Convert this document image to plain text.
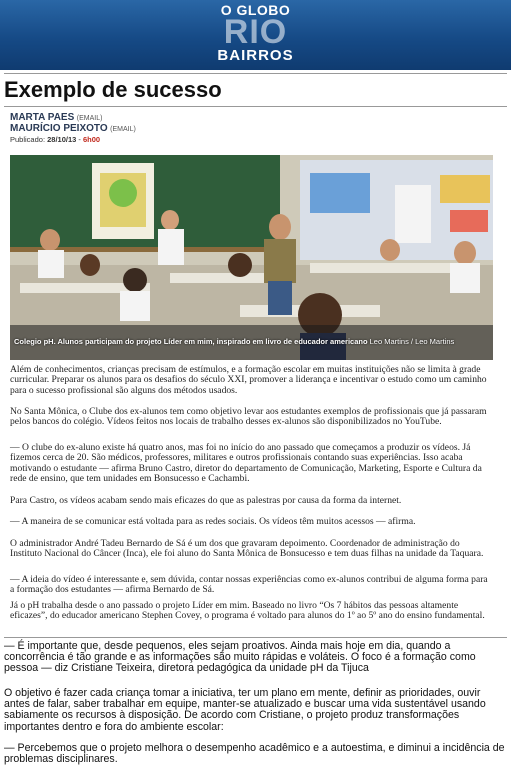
O GLOBO
RIO
BAIRROS
Exemplo de sucesso
MARTA PAES (EMAIL)
MAURÍCIO PEIXOTO (EMAIL)
Publicado: 28/10/13 - 6h00
Colegio pH. Alunos participam do projeto Líder em mim, inspirado em livro de educador americano Leo Martins / Leo Martins
Além de conhecimentos, crianças precisam de estímulos, e a formação escolar em muitas instituições não se limita à grade curricular. Preparar os alunos para os desafios do século XXI, promover a liderança e incentivar o estudo como um caminho para o sucesso profissional são alguns dos métodos usados.
No Santa Mônica, o Clube dos ex-alunos tem como objetivo levar aos estudantes exemplos de profissionais que já passaram pelos bancos do colégio. Vídeos feitos nos locais de trabalho desses ex-alunos são disponibilizados no YouTube.
— O clube do ex-aluno existe há quatro anos, mas foi no início do ano passado que começamos a produzir os vídeos. Já fizemos cerca de 20. São médicos, professores, militares e outros profissionais contando suas experiências. Isso acaba motivando o estudante — afirma Bruno Castro, diretor do departamento de Comunicação, Marketing, Esporte e Cultura da rede de ensino, que tem unidades em Bonsucesso e Cachambi.
Para Castro, os vídeos acabam sendo mais eficazes do que as palestras por causa da forma da internet.
— A maneira de se comunicar está voltada para as redes sociais. Os vídeos têm muitos acessos — afirma.
O administrador André Tadeu Bernardo de Sá é um dos que gravaram depoimento. Coordenador de administração do Instituto Nacional do Câncer (Inca), ele foi aluno do Santa Mônica de Bonsucesso e tem duas filhas na unidade da Taquara.
— A ideia do vídeo é interessante e, sem dúvida, contar nossas experiências como ex-alunos contribui de alguma forma para a formação dos estudantes — afirma Bernardo de Sá.
Já o pH trabalha desde o ano passado o projeto Líder em mim. Baseado no livro “Os 7 hábitos das pessoas altamente eficazes”, do educador americano Stephen Covey, o programa é voltado para alunos do 1º ao 5º ano do ensino fundamental.
— É importante que, desde pequenos, eles sejam proativos. Ainda mais hoje em dia, quando a concorrência é tão grande e as informações são muito rápidas e voláteis. O foco é a formação como pessoa — diz Cristiane Teixeira, diretora pedagógica da unidade pH da Tijuca
O objetivo é fazer cada criança tomar a iniciativa, ter um plano em mente, definir as prioridades, ouvir antes de falar, saber trabalhar em equipe, manter-se atualizado e buscar uma vida sustentável usando sabiamente os recursos à disposição. De acordo com Cristiane, o projeto produz transformações importantes dentro e fora do ambiente escolar:
— Percebemos que o projeto melhora o desempenho acadêmico e a autoestima, e diminui a incidência de problemas disciplinares.
